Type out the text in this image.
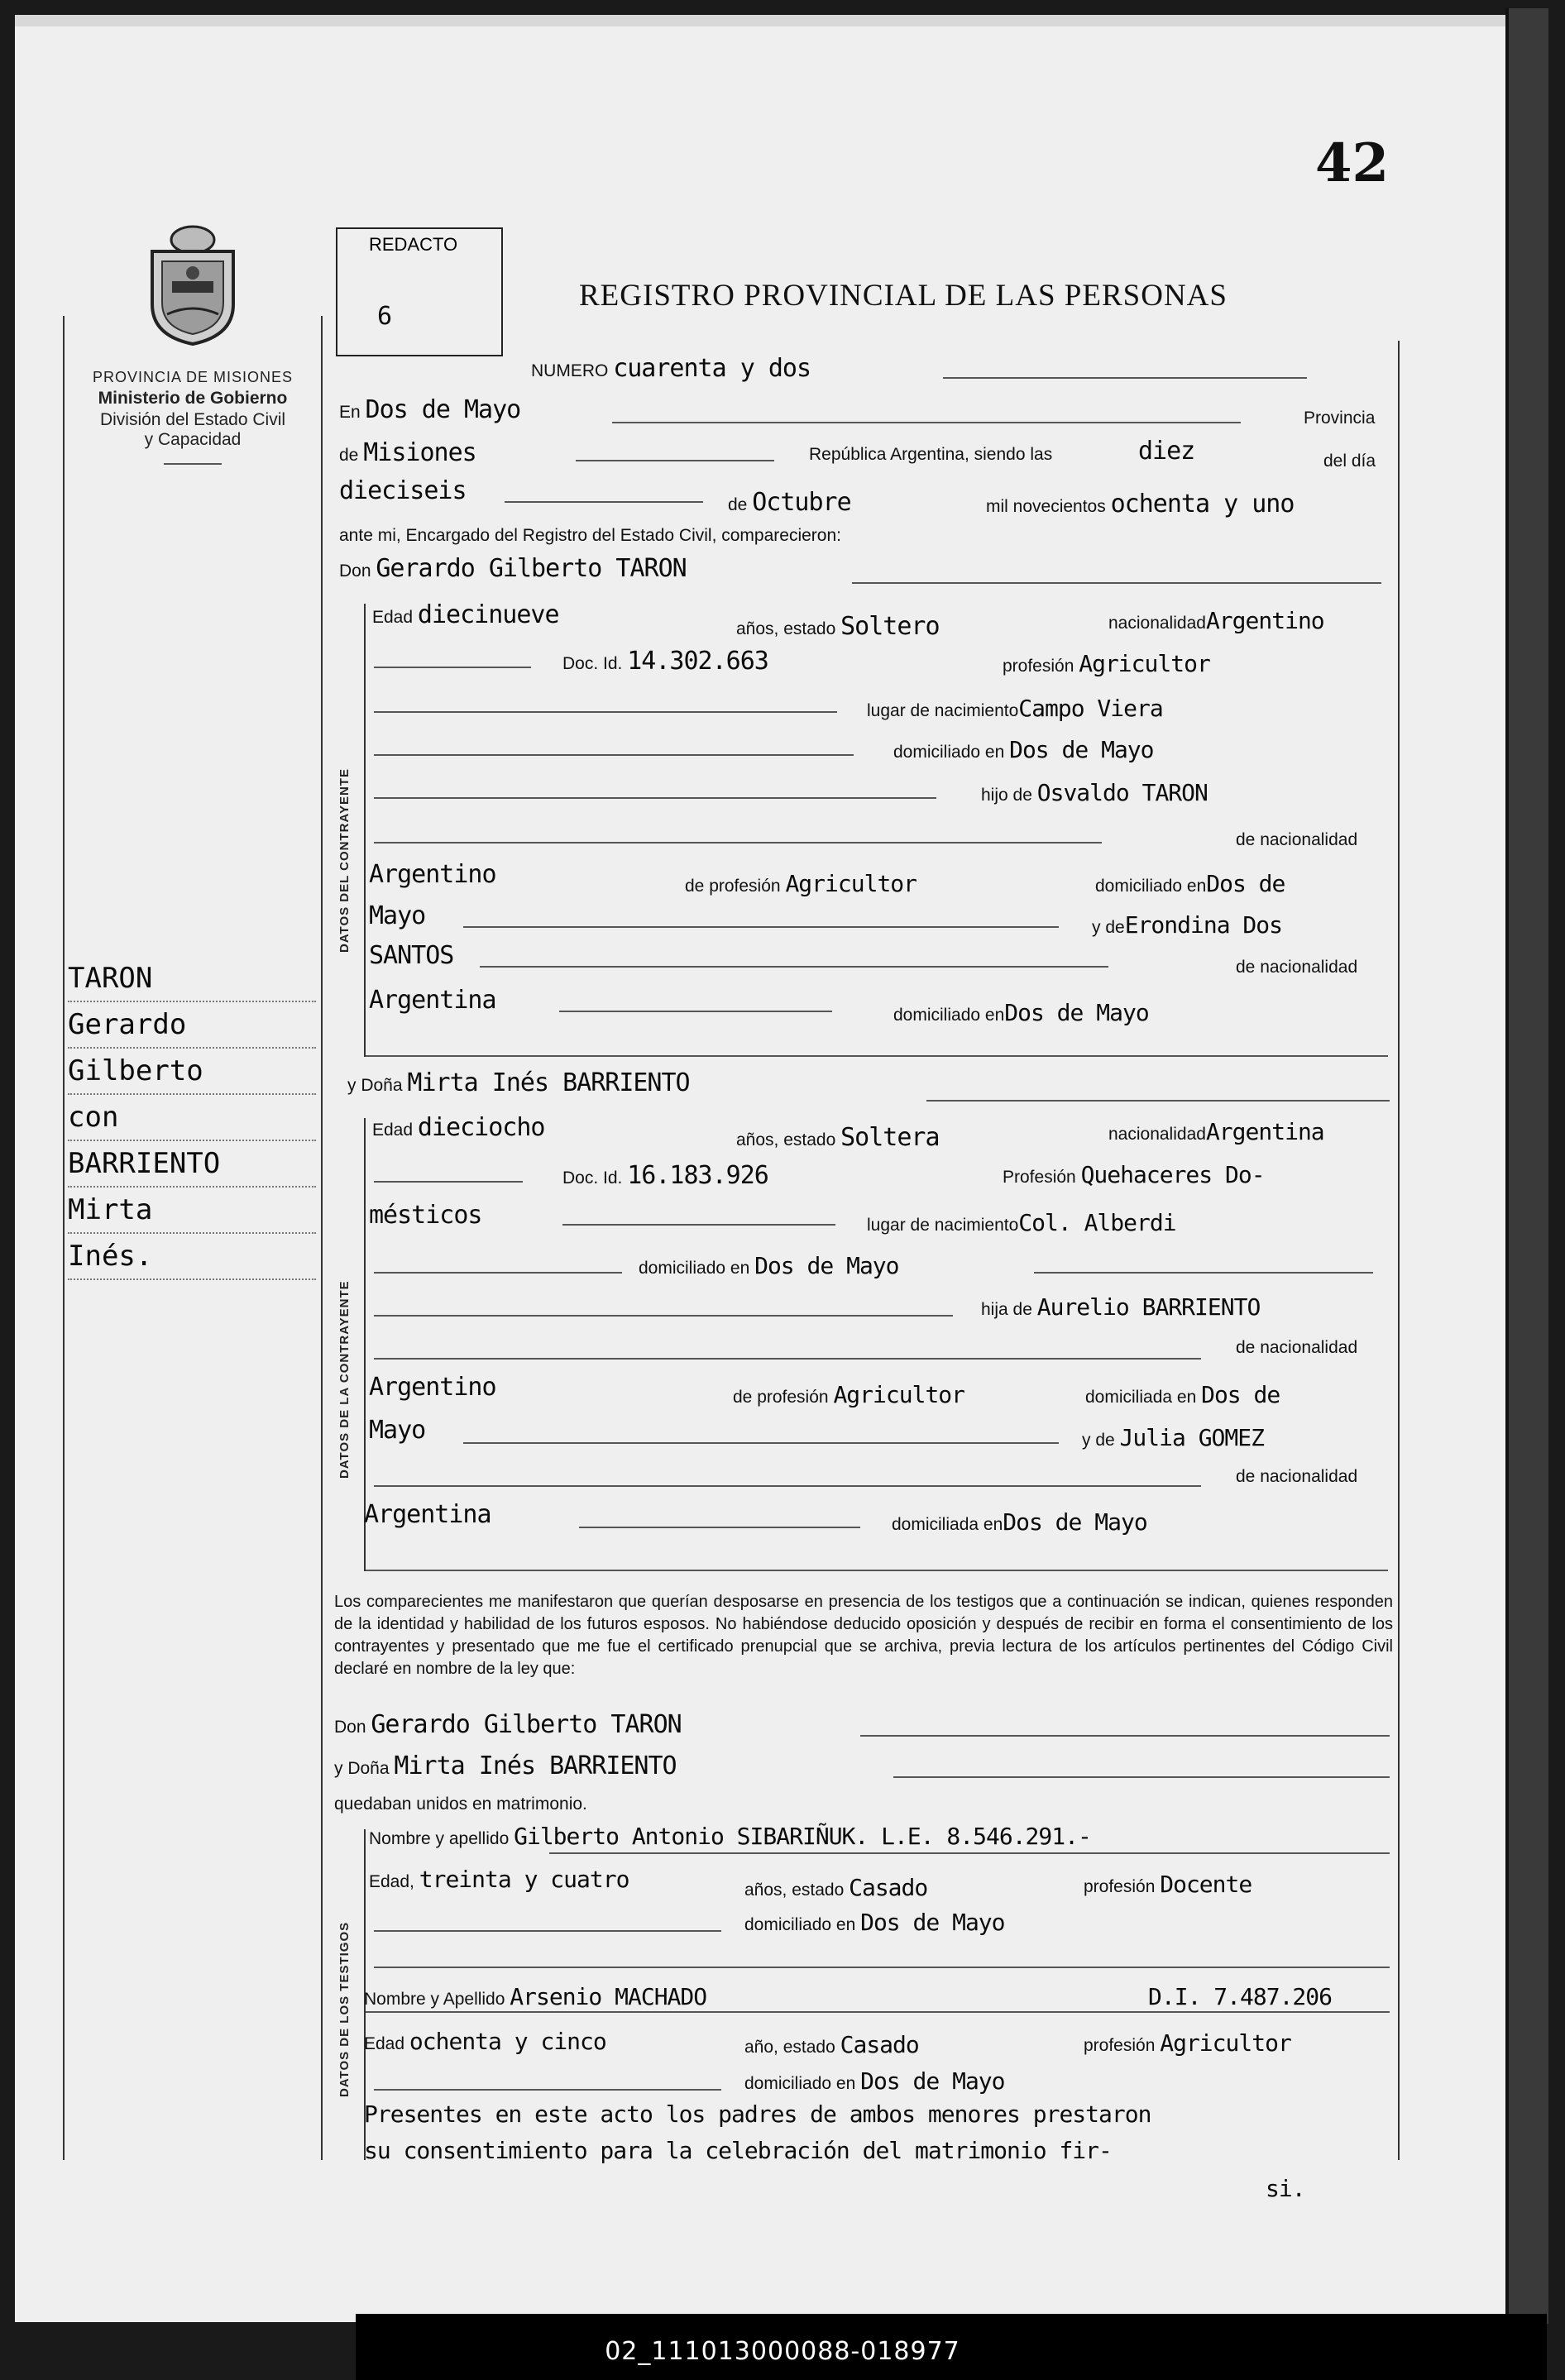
42
PROVINCIA DE MISIONES
Ministerio de Gobierno
División del Estado Civil
y Capacidad
TARON
Gerardo
Gilberto
con
BARRIENTO
Mirta
Inés.
REDACTO
6
REGISTRO PROVINCIAL DE LAS PERSONAS
NUMERO cuarenta y dos
En Dos de Mayo	Provincia
de Misiones	República Argentina, siendo las	diez	del día
dieciseis	de Octubre	mil novecientos ochenta y uno
ante mi, Encargado del Registro del Estado Civil, comparecieron:
Don Gerardo Gilberto TARON
DATOS DEL CONTRAYENTE
Edad diecinueve	años, estado Soltero	nacionalidadArgentino
Doc. Id. 14.302.663	profesión Agricultor
lugar de nacimientoCampo Viera
domiciliado en Dos de Mayo
hijo de Osvaldo TARON
de nacionalidad
Argentino	de profesión Agricultor	domiciliado enDos de
Mayo	y deErondina Dos
SANTOS	de nacionalidad
Argentina
domiciliado enDos de Mayo
y Doña Mirta Inés BARRIENTO
DATOS DE LA CONTRAYENTE
Edad dieciocho	años, estado Soltera	nacionalidadArgentina
Doc. Id. 16.183.926	Profesión Quehaceres Do-
mésticos	lugar de nacimientoCol. Alberdi
domiciliado en Dos de Mayo
hija de Aurelio BARRIENTO
de nacionalidad
Argentino	de profesión Agricultor	domiciliada en Dos de
Mayo	y de Julia GOMEZ
de nacionalidad
Argentina	domiciliada enDos de Mayo
Los comparecientes me manifestaron que querían desposarse en presencia de los testigos que a continuación se indican, quienes responden de la identidad y habilidad de los futuros esposos. No habiéndose deducido oposición y después de recibir en forma el consentimiento de los contrayentes y presentado que me fue el certificado prenupcial que se archiva, previa lectura de los artículos pertinentes del Código Civil declaré en nombre de la ley que:
Don Gerardo Gilberto TARON
y Doña Mirta Inés BARRIENTO
quedaban unidos en matrimonio.
DATOS DE LOS TESTIGOS
Nombre y apellido Gilberto Antonio SIBARIÑUK. L.E. 8.546.291.-
Edad, treinta y cuatro	años, estado Casado	profesión Docente
domiciliado en Dos de Mayo
Nombre y Apellido Arsenio MACHADO	D.I. 7.487.206
Edad ochenta y cinco	año, estado Casado	profesión Agricultor
domiciliado en Dos de Mayo
Presentes en este acto los padres de ambos menores prestaron
su consentimiento para la celebración del matrimonio fir-
si.
02_111013000088-018977
